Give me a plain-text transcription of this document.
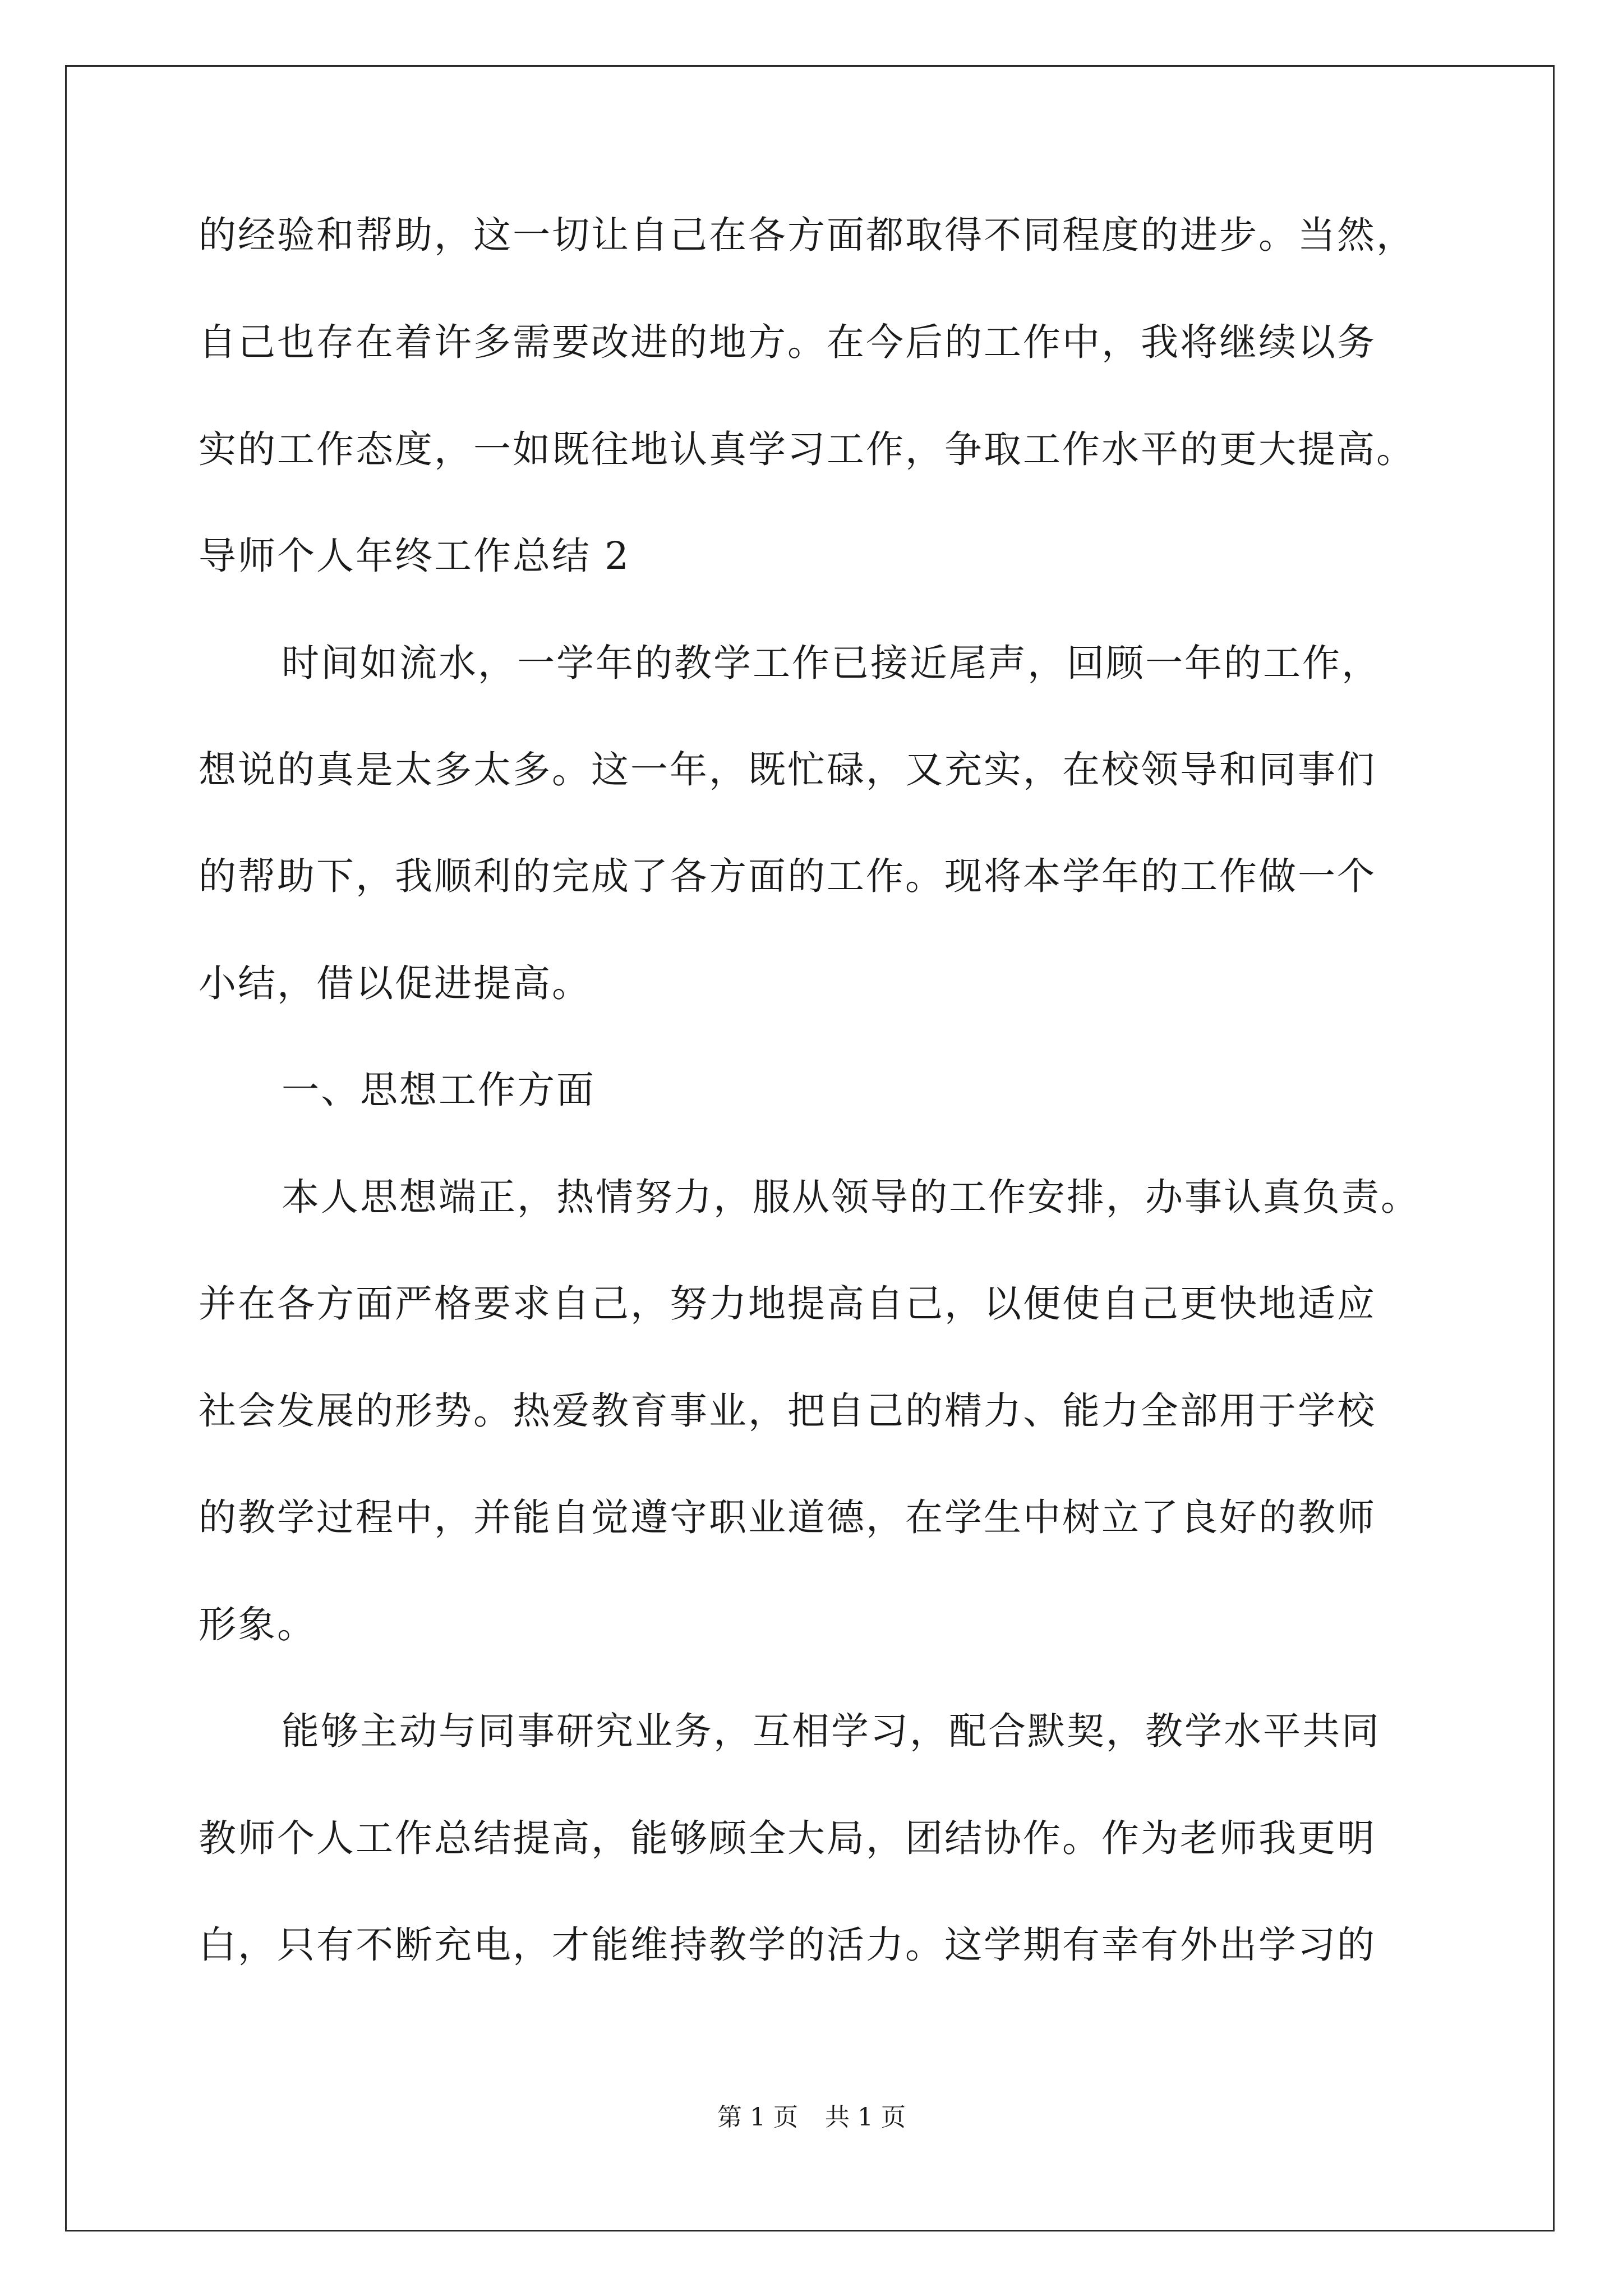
的经验和帮助，这一切让自己在各方面都取得不同程度的进步。当然，
自己也存在着许多需要改进的地方。在今后的工作中，我将继续以务
实的工作态度，一如既往地认真学习工作，争取工作水平的更大提高。
导师个人年终工作总结 2
时间如流水，一学年的教学工作已接近尾声，回顾一年的工作，
想说的真是太多太多。这一年，既忙碌，又充实，在校领导和同事们
的帮助下，我顺利的完成了各方面的工作。现将本学年的工作做一个
小结，借以促进提高。
一、思想工作方面
本人思想端正，热情努力，服从领导的工作安排，办事认真负责。
并在各方面严格要求自己，努力地提高自己，以便使自己更快地适应
社会发展的形势。热爱教育事业，把自己的精力、能力全部用于学校
的教学过程中，并能自觉遵守职业道德，在学生中树立了良好的教师
形象。
能够主动与同事研究业务，互相学习，配合默契，教学水平共同
教师个人工作总结提高，能够顾全大局，团结协作。作为老师我更明
白，只有不断充电，才能维持教学的活力。这学期有幸有外出学习的
第 1 页 共 1 页
